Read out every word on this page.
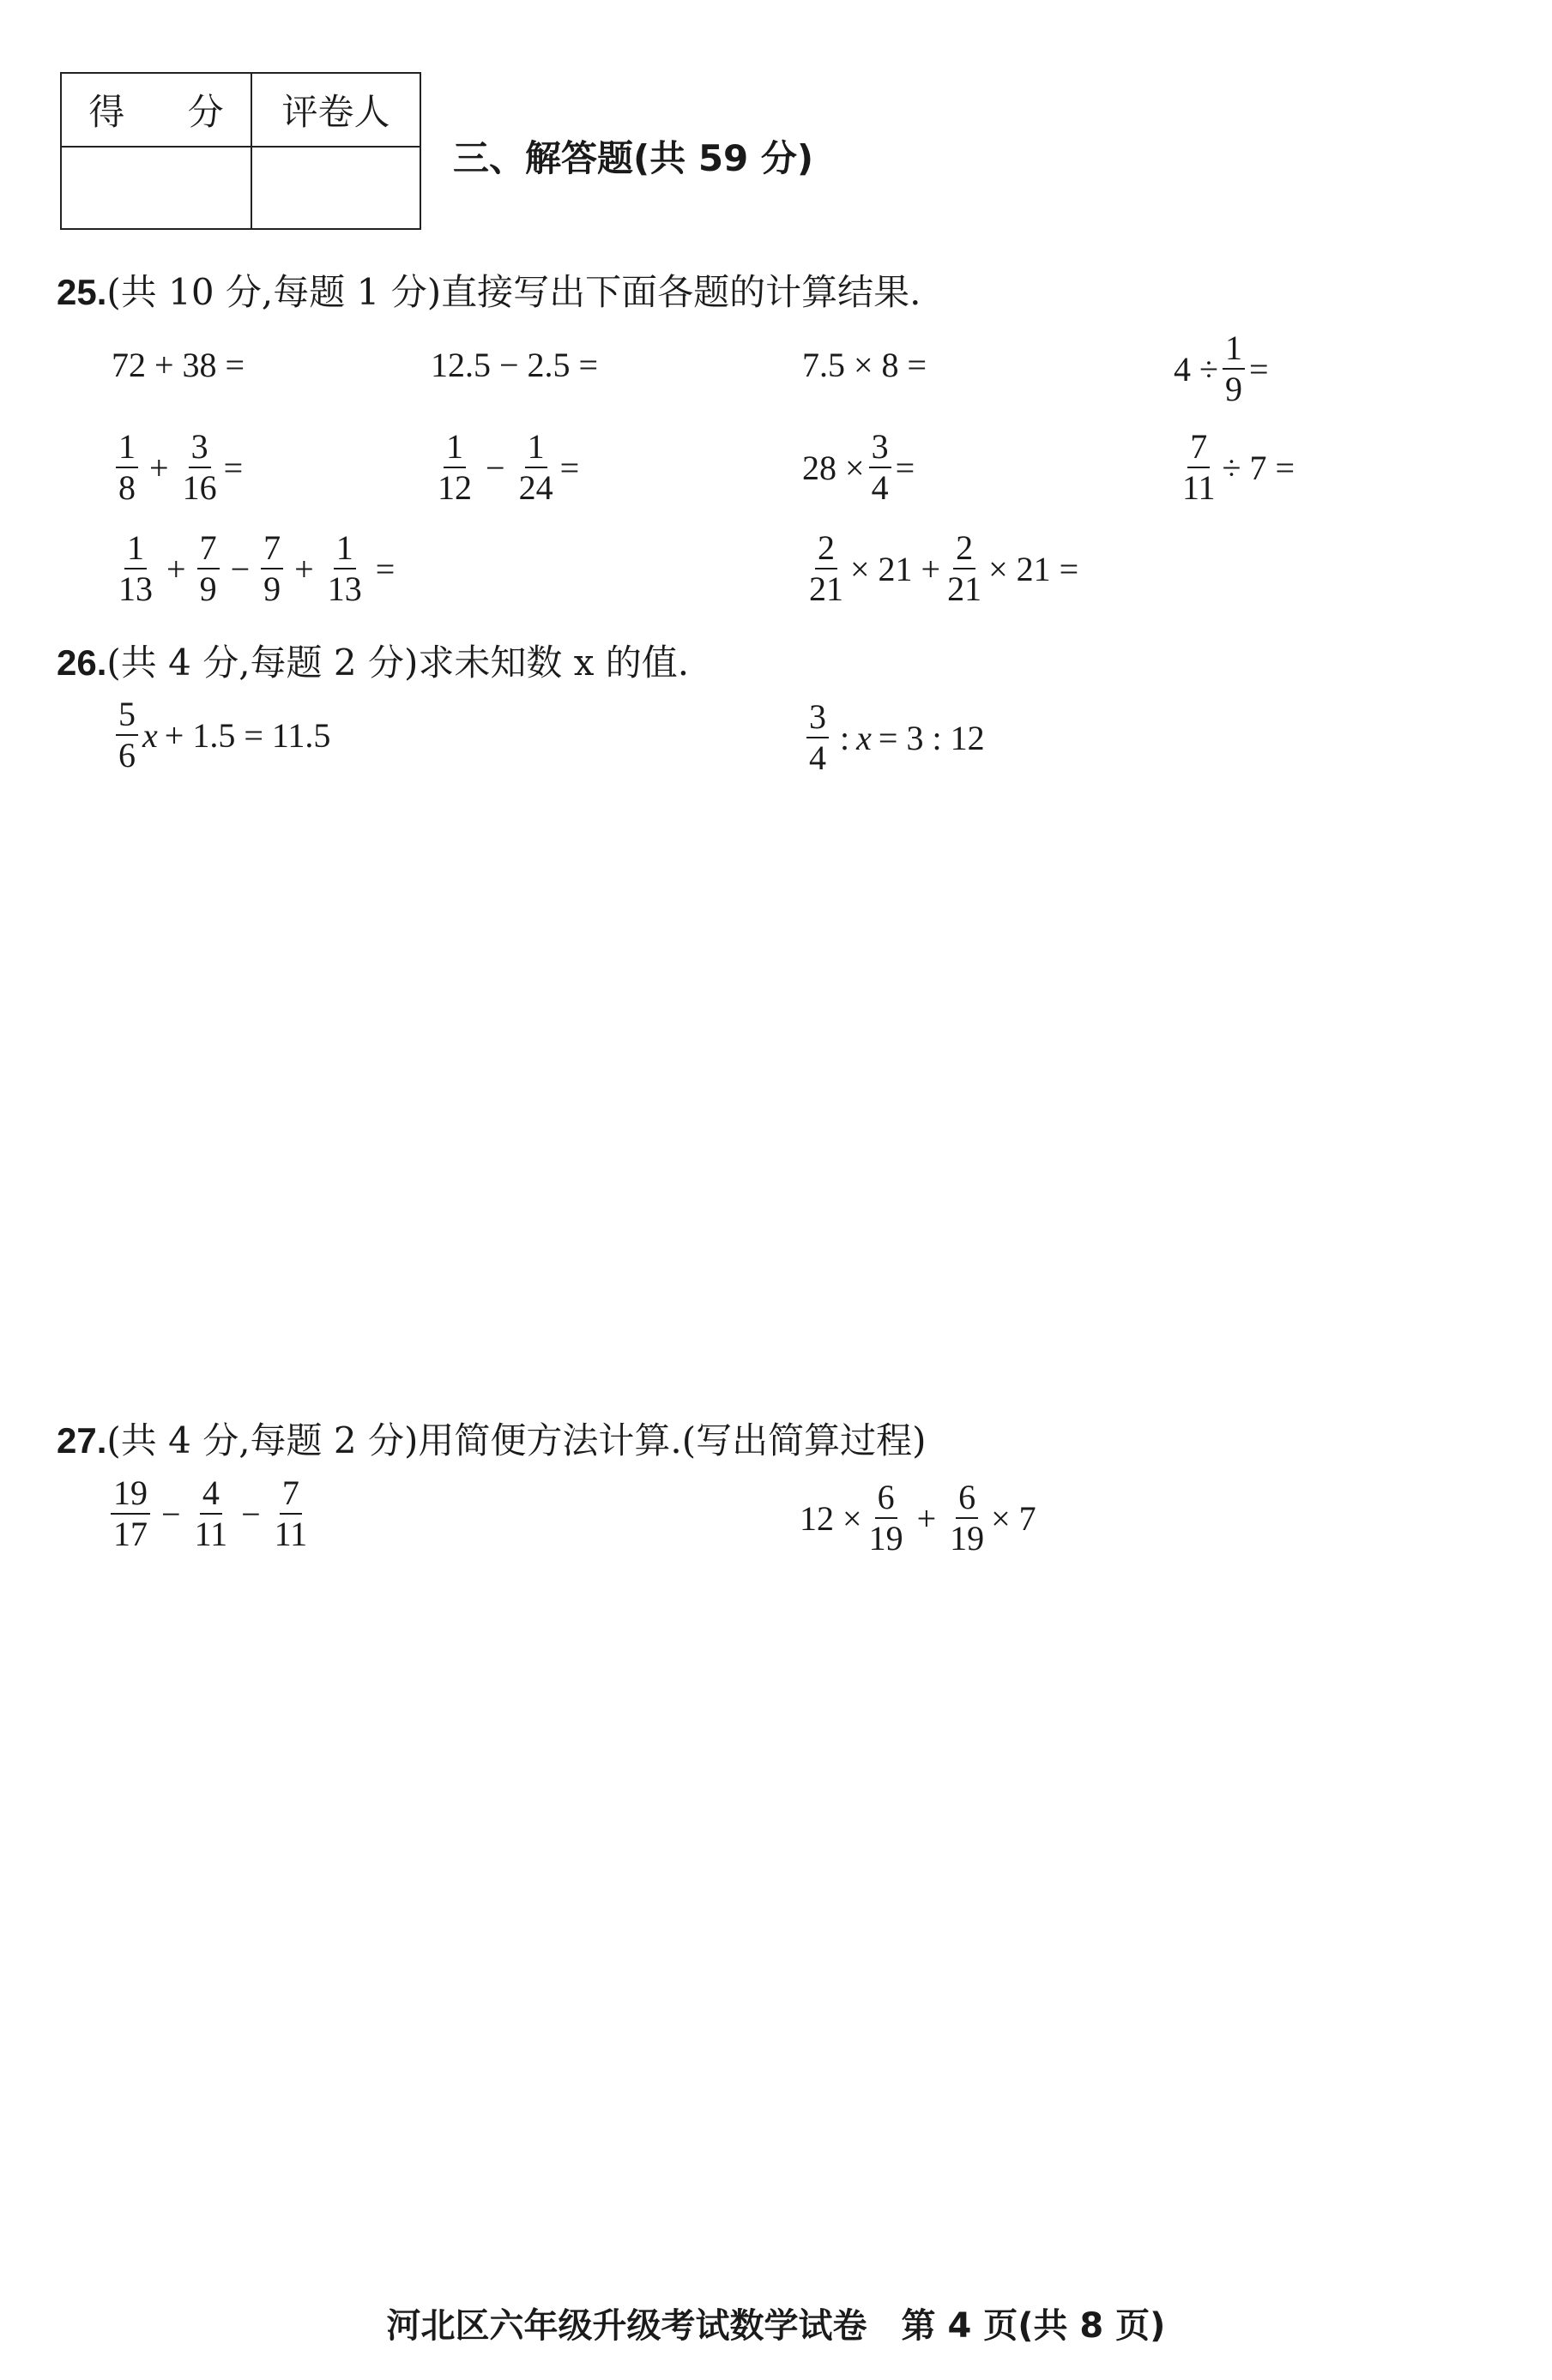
得 分	评卷人

三、解答题(共 59 分)
25.(共 10 分,每题 1 分)直接写出下面各题的计算结果.
72 + 38 =	12.5 − 2.5 =	7.5 × 8 =	$4 \div \frac{1}{9}$ =
$\frac{1}{8} + \frac{3}{16}$ =	$\frac{1}{12} - \frac{1}{24}$ =	$28 \times \frac{3}{4}$ =	$\frac{7}{11} \div 7$ =
$\frac{1}{13} + \frac{7}{9} - \frac{7}{9} + \frac{1}{13}$ =	$\frac{2}{21} \times 21 + \frac{2}{21} \times 21$ =
26.(共 4 分,每题 2 分)求未知数 x 的值.
$\frac{5}{6}$ x + 1.5 = 11.5	$\frac{3}{4}$ : x = 3 : 12
27.(共 4 分,每题 2 分)用简便方法计算.(写出简算过程)
$\frac{19}{17} - \frac{4}{11} - \frac{7}{11}$	$12 \times \frac{6}{19} + \frac{6}{19} \times 7$
河北区六年级升级考试数学试卷　第 4 页(共 8 页)
